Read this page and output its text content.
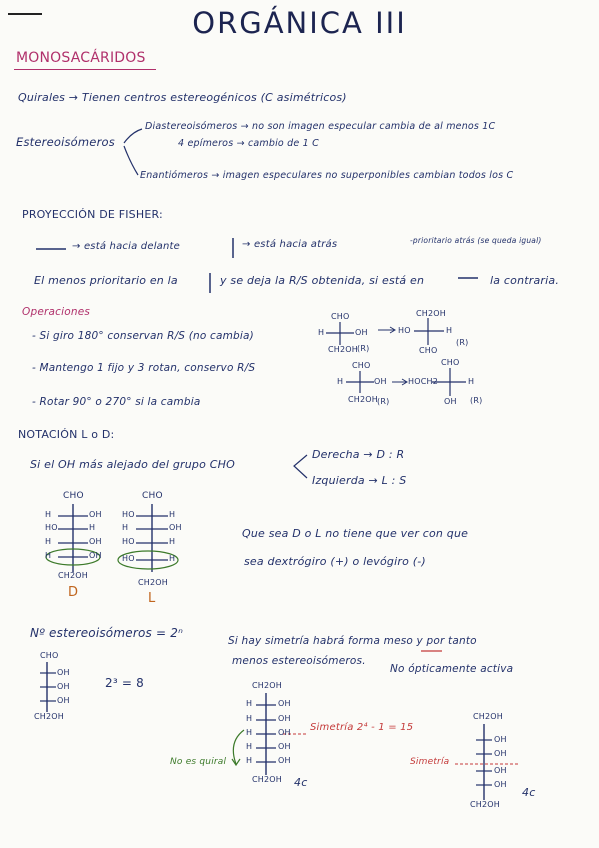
ORGÁNICA III
MONOSACÁRIDOS
Quirales → Tienen centros estereogénicos (C asimétricos)
Estereoisómeros
Diastereoisómeros → no son imagen especular cambia de al menos 1C
4 epímeros → cambio de 1 C
Enantiómeros → imagen especulares no superponibles cambian todos los C
PROYECCIÓN DE FISHER:
→ está hacia delante	→ está hacia atrás	-prioritario atrás (se queda igual)
El menos prioritario en la	y se deja la R/S obtenida, si está en	la contraria.
Operaciones
- Si giro 180° conservan R/S (no cambia)
- Mantengo 1 fijo y 3 rotan, conservo R/S
- Rotar 90° o 270° si la cambia
CHO
H	OH
CH2OH
(R)
CH2OH
HO	H
CHO
(R)
CHO
H	OH
CH2OH
(R)
CHO
HOCH2	H
OH (R)
NOTACIÓN L o D:
Si el OH más alejado del grupo CHO
Derecha → D : R
Izquierda → L : S
CHO
H	OH
HO	H
H	OH
H	OH
CH2OH
D
CHO
HO	H
H	OH
HO	H
HO	H
CH2OH
L
Que sea D o L no tiene que ver con que
sea dextrógiro (+) o levógiro (-)
Nº estereoisómeros = 2ⁿ
CHO
OH
OH
OH
CH2OH
2³ = 8
Si hay simetría habrá forma meso y por tanto
menos estereoisómeros.
No ópticamente activa
CH2OH
H	OH
H	OH
H	OH
H	OH
H	OH
CH2OH
Simetría 2⁴ - 1 = 15
No es quiral
4c
CH2OH
OH
OH
OH
OH
CH2OH
Simetría
4c
